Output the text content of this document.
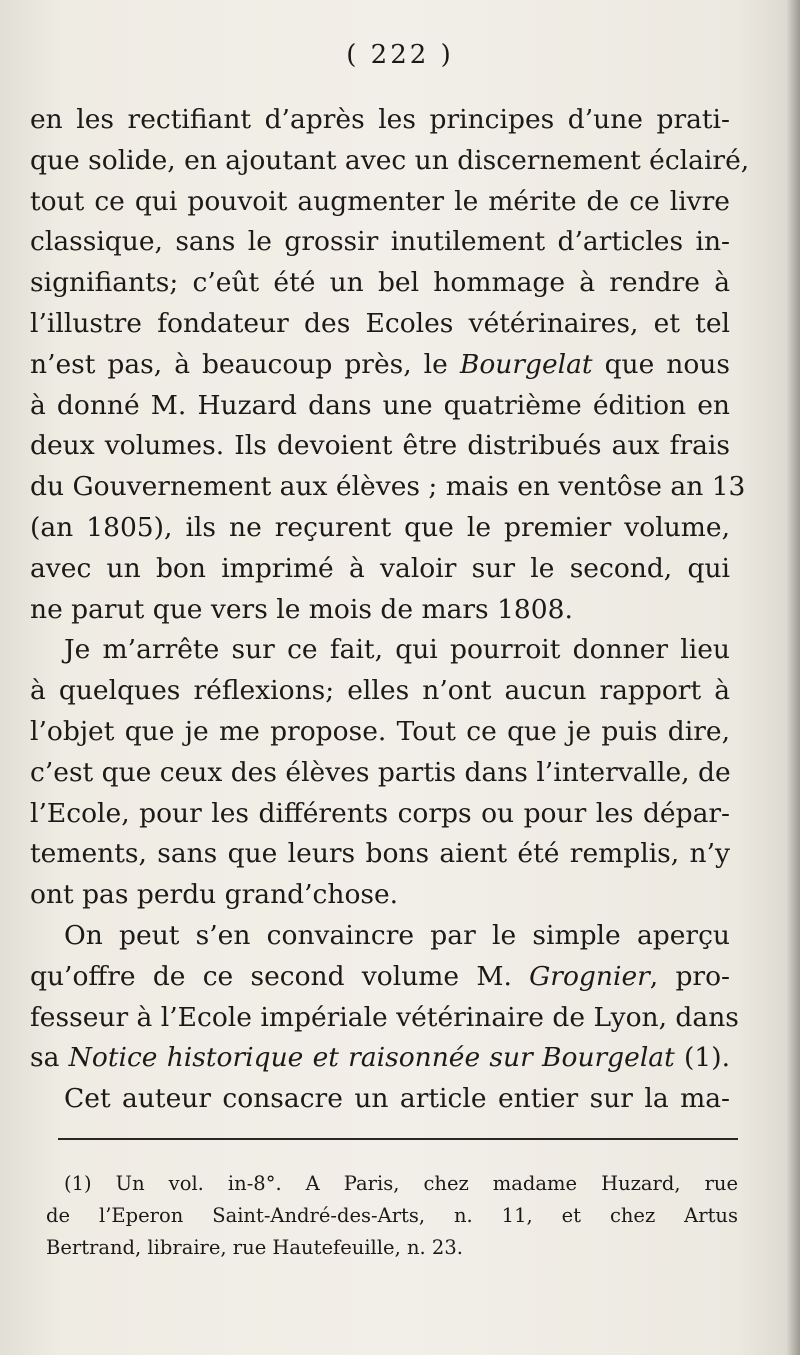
( 222 )
en les rectifiant d’après les principes d’une prati-
que solide, en ajoutant avec un discernement éclairé,
tout ce qui pouvoit augmenter le mérite de ce livre
classique, sans le grossir inutilement d’articles in-
signifiants; c’eût été un bel hommage à rendre à
l’illustre fondateur des Ecoles vétérinaires, et tel
n’est pas, à beaucoup près, le Bourgelat que nous
à donné M. Huzard dans une quatrième édition en
deux volumes. Ils devoient être distribués aux frais
du Gouvernement aux élèves ; mais en ventôse an 13
(an 1805), ils ne reçurent que le premier volume,
avec un bon imprimé à valoir sur le second, qui
ne parut que vers le mois de mars 1808.
Je m’arrête sur ce fait, qui pourroit donner lieu
à quelques réflexions; elles n’ont aucun rapport à
l’objet que je me propose. Tout ce que je puis dire,
c’est que ceux des élèves partis dans l’intervalle, de
l’Ecole, pour les différents corps ou pour les dépar-
tements, sans que leurs bons aient été remplis, n’y
ont pas perdu grand’chose.
On peut s’en convaincre par le simple aperçu
qu’offre de ce second volume M. Grognier, pro-
fesseur à l’Ecole impériale vétérinaire de Lyon, dans
sa Notice historique et raisonnée sur Bourgelat (1).
Cet auteur consacre un article entier sur la ma-
(1) Un vol. in-8°. A Paris, chez madame Huzard, rue
de l’Eperon Saint-André-des-Arts, n. 11, et chez Artus
Bertrand, libraire, rue Hautefeuille, n. 23.
